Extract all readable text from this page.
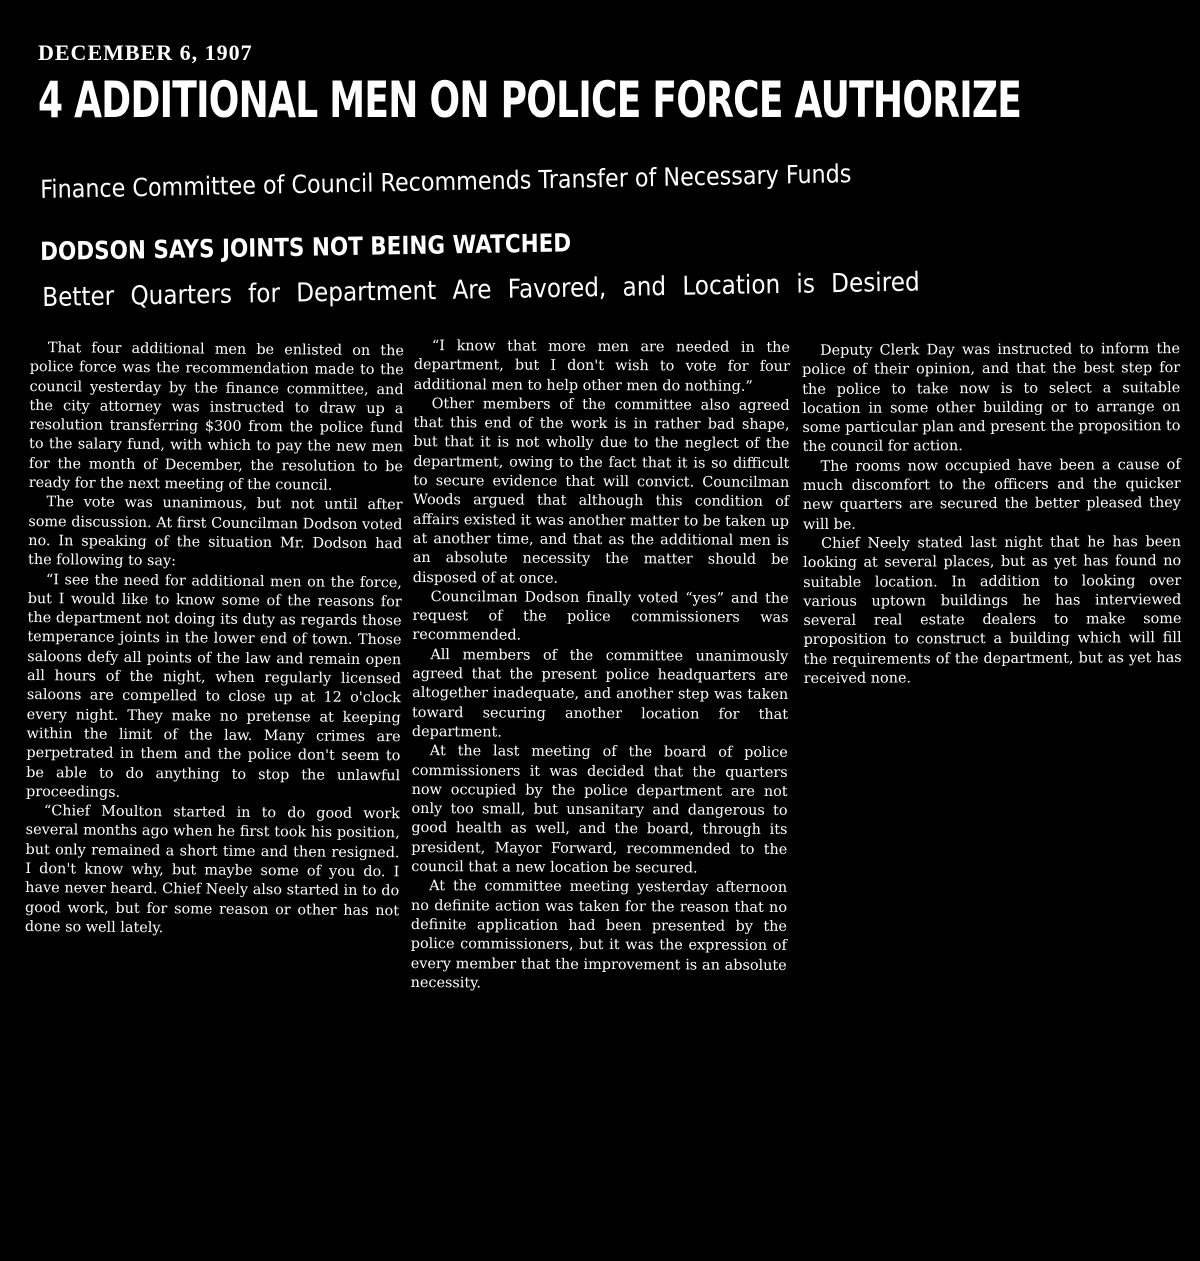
DECEMBER 6, 1907
4 ADDITIONAL MEN ON POLICE FORCE AUTHORIZE
Finance Committee of Council Recommends Transfer of Necessary Funds
DODSON SAYS JOINTS NOT BEING WATCHED
Better Quarters for Department Are Favored, and Location is Desired

That four additional men be enlisted on the police force was the recommendation made to the council yesterday by the finance committee, and the city attorney was instructed to draw up a resolution transferring $300 from the police fund to the salary fund, with which to pay the new men for the month of December, the resolution to be ready for the next meeting of the council.

The vote was unanimous, but not until after some discussion. At first Councilman Dodson voted no. In speaking of the situation Mr. Dodson had the following to say:

“I see the need for additional men on the force, but I would like to know some of the reasons for the department not doing its duty as regards those temperance joints in the lower end of town. Those saloons defy all points of the law and remain open all hours of the night, when regularly licensed saloons are compelled to close up at 12 o'clock every night. They make no pretense at keeping within the limit of the law. Many crimes are perpetrated in them and the police don't seem to be able to do anything to stop the unlawful proceedings.

“Chief Moulton started in to do good work several months ago when he first took his position, but only remained a short time and then resigned. I don't know why, but maybe some of you do. I have never heard. Chief Neely also started in to do good work, but for some reason or other has not done so well lately.

“I know that more men are needed in the department, but I don't wish to vote for four additional men to help other men do nothing.”

Other members of the committee also agreed that this end of the work is in rather bad shape, but that it is not wholly due to the neglect of the department, owing to the fact that it is so difficult to secure evidence that will convict. Councilman Woods argued that although this condition of affairs existed it was another matter to be taken up at another time, and that as the additional men is an absolute necessity the matter should be disposed of at once.

Councilman Dodson finally voted “yes” and the request of the police commissioners was recommended.

All members of the committee unanimously agreed that the present police headquarters are altogether inadequate, and another step was taken toward securing another location for that department.

At the last meeting of the board of police commissioners it was decided that the quarters now occupied by the police department are not only too small, but unsanitary and dangerous to good health as well, and the board, through its president, Mayor Forward, recommended to the council that a new location be secured.

At the committee meeting yesterday afternoon no definite action was taken for the reason that no definite application had been presented by the police commissioners, but it was the expression of every member that the improvement is an absolute necessity.

Deputy Clerk Day was instructed to inform the police of their opinion, and that the best step for the police to take now is to select a suitable location in some other building or to arrange on some particular plan and present the proposition to the council for action.

The rooms now occupied have been a cause of much discomfort to the officers and the quicker new quarters are secured the better pleased they will be.

Chief Neely stated last night that he has been looking at several places, but as yet has found no suitable location. In addition to looking over various uptown buildings he has interviewed several real estate dealers to make some proposition to construct a building which will fill the requirements of the department, but as yet has received none.
